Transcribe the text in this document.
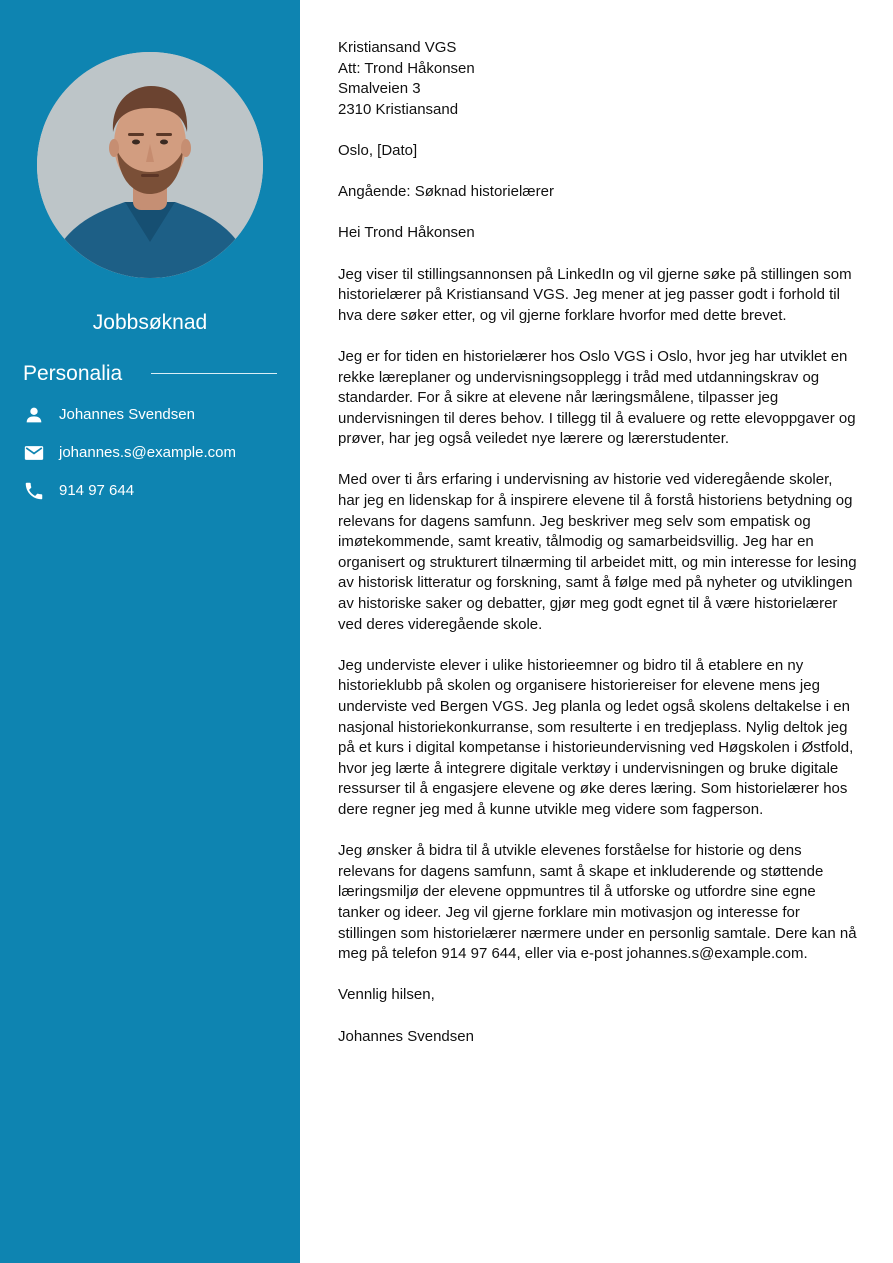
Jobbsøknad
Personalia
Johannes Svendsen
johannes.s@example.com
914 97 644
Kristiansand VGS
Att: Trond Håkonsen
Smalveien 3
2310 Kristiansand
Oslo, [Dato]
Angående: Søknad historielærer
Hei Trond Håkonsen

Jeg viser til stillingsannonsen på LinkedIn og vil gjerne søke på stillingen som historielærer på Kristiansand VGS. Jeg mener at jeg passer godt i forhold til hva dere søker etter, og vil gjerne forklare hvorfor med dette brevet.

Jeg er for tiden en historielærer hos Oslo VGS i Oslo, hvor jeg har utviklet en rekke læreplaner og undervisningsopplegg i tråd med utdanningskrav og standarder. For å sikre at elevene når læringsmålene, tilpasser jeg undervisningen til deres behov. I tillegg til å evaluere og rette elevoppgaver og prøver, har jeg også veiledet nye lærere og lærerstudenter.

Med over ti års erfaring i undervisning av historie ved videregående skoler, har jeg en lidenskap for å inspirere elevene til å forstå historiens betydning og relevans for dagens samfunn. Jeg beskriver meg selv som empatisk og imøtekommende, samt kreativ, tålmodig og samarbeidsvillig. Jeg har en organisert og strukturert tilnærming til arbeidet mitt, og min interesse for lesing av historisk litteratur og forskning, samt å følge med på nyheter og utviklingen av historiske saker og debatter, gjør meg godt egnet til å være historielærer ved deres videregående skole.

Jeg underviste elever i ulike historieemner og bidro til å etablere en ny historieklubb på skolen og organisere historiereiser for elevene mens jeg underviste ved Bergen VGS. Jeg planla og ledet også skolens deltakelse i en nasjonal historiekonkurranse, som resulterte i en tredjeplass. Nylig deltok jeg på et kurs i digital kompetanse i historieundervisning ved Høgskolen i Østfold, hvor jeg lærte å integrere digitale verktøy i undervisningen og bruke digitale ressurser til å engasjere elevene og øke deres læring. Som historielærer hos dere regner jeg med å kunne utvikle meg videre som fagperson.

Jeg ønsker å bidra til å utvikle elevenes forståelse for historie og dens relevans for dagens samfunn, samt å skape et inkluderende og støttende læringsmiljø der elevene oppmuntres til å utforske og utfordre sine egne tanker og ideer. Jeg vil gjerne forklare min motivasjon og interesse for stillingen som historielærer nærmere under en personlig samtale. Dere kan nå meg på telefon 914 97 644, eller via e-post johannes.s@example.com.

Vennlig hilsen,
Johannes Svendsen
